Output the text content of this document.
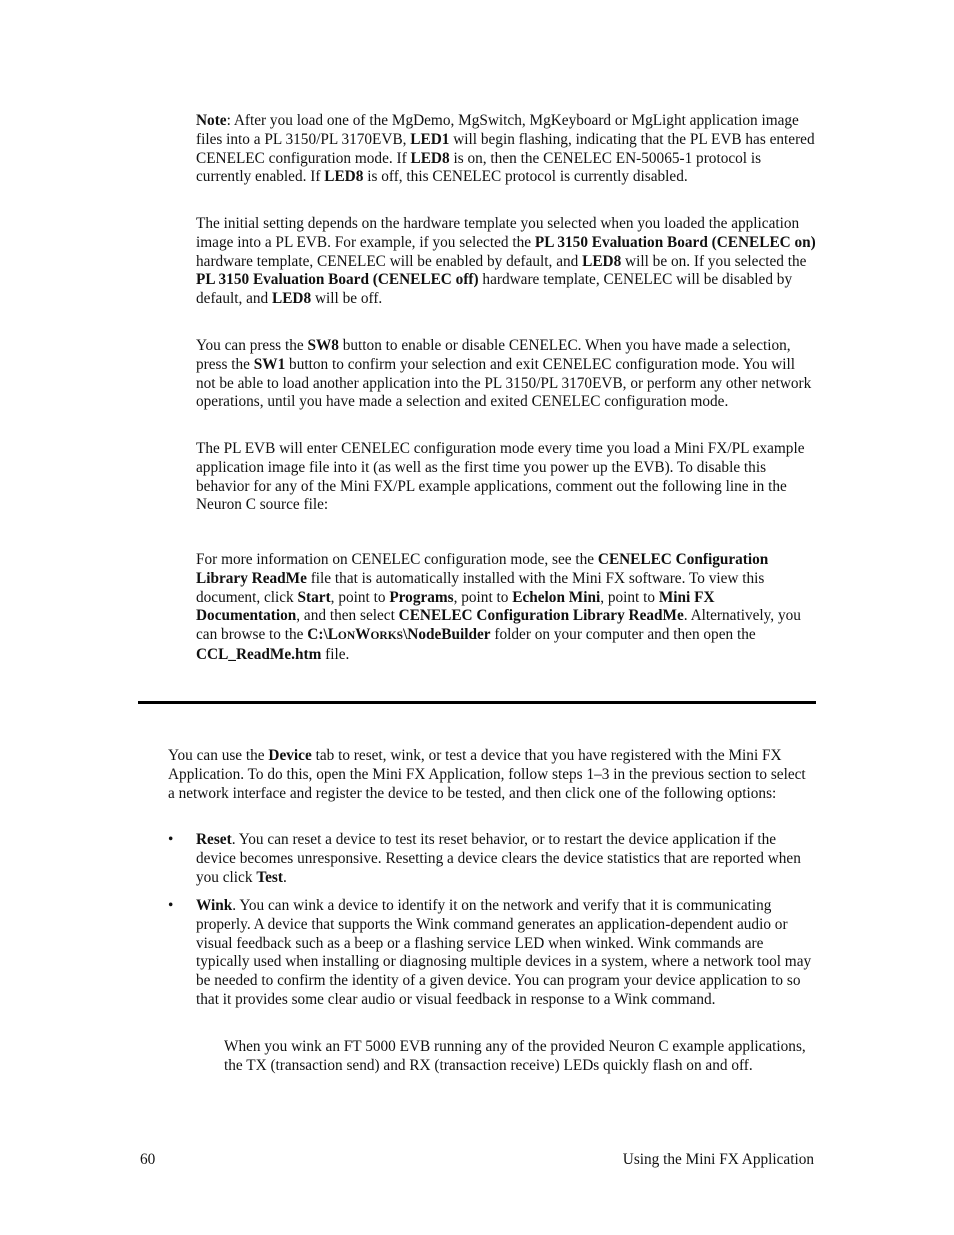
Note: After you load one of the MgDemo, MgSwitch, MgKeyboard or MgLight application image files into a PL 3150/PL 3170EVB, LED1 will begin flashing, indicating that the PL EVB has entered CENELEC configuration mode. If LED8 is on, then the CENELEC EN-50065-1 protocol is currently enabled. If LED8 is off, this CENELEC protocol is currently disabled.

The initial setting depends on the hardware template you selected when you loaded the application image into a PL EVB. For example, if you selected the PL 3150 Evaluation Board (CENELEC on) hardware template, CENELEC will be enabled by default, and LED8 will be on. If you selected the PL 3150 Evaluation Board (CENELEC off) hardware template, CENELEC will be disabled by default, and LED8 will be off.

You can press the SW8 button to enable or disable CENELEC. When you have made a selection, press the SW1 button to confirm your selection and exit CENELEC configuration mode. You will not be able to load another application into the PL 3150/PL 3170EVB, or perform any other network operations, until you have made a selection and exited CENELEC configuration mode.

The PL EVB will enter CENELEC configuration mode every time you load a Mini FX/PL example application image file into it (as well as the first time you power up the EVB). To disable this behavior for any of the Mini FX/PL example applications, comment out the following line in the Neuron C source file:

For more information on CENELEC configuration mode, see the CENELEC Configuration Library ReadMe file that is automatically installed with the Mini FX software. To view this document, click Start, point to Programs, point to Echelon Mini, point to Mini FX Documentation, and then select CENELEC Configuration Library ReadMe. Alternatively, you can browse to the C:\LONWORKS\NodeBuilder folder on your computer and then open the CCL_ReadMe.htm file.

You can use the Device tab to reset, wink, or test a device that you have registered with the Mini FX Application. To do this, open the Mini FX Application, follow steps 1–3 in the previous section to select a network interface and register the device to be tested, and then click one of the following options:

• Reset. You can reset a device to test its reset behavior, or to restart the device application if the device becomes unresponsive. Resetting a device clears the device statistics that are reported when you click Test.

• Wink. You can wink a device to identify it on the network and verify that it is communicating properly. A device that supports the Wink command generates an application-dependent audio or visual feedback such as a beep or a flashing service LED when winked. Wink commands are typically used when installing or diagnosing multiple devices in a system, where a network tool may be needed to confirm the identity of a given device. You can program your device application to so that it provides some clear audio or visual feedback in response to a Wink command.

When you wink an FT 5000 EVB running any of the provided Neuron C example applications, the TX (transaction send) and RX (transaction receive) LEDs quickly flash on and off.

60	Using the Mini FX Application
